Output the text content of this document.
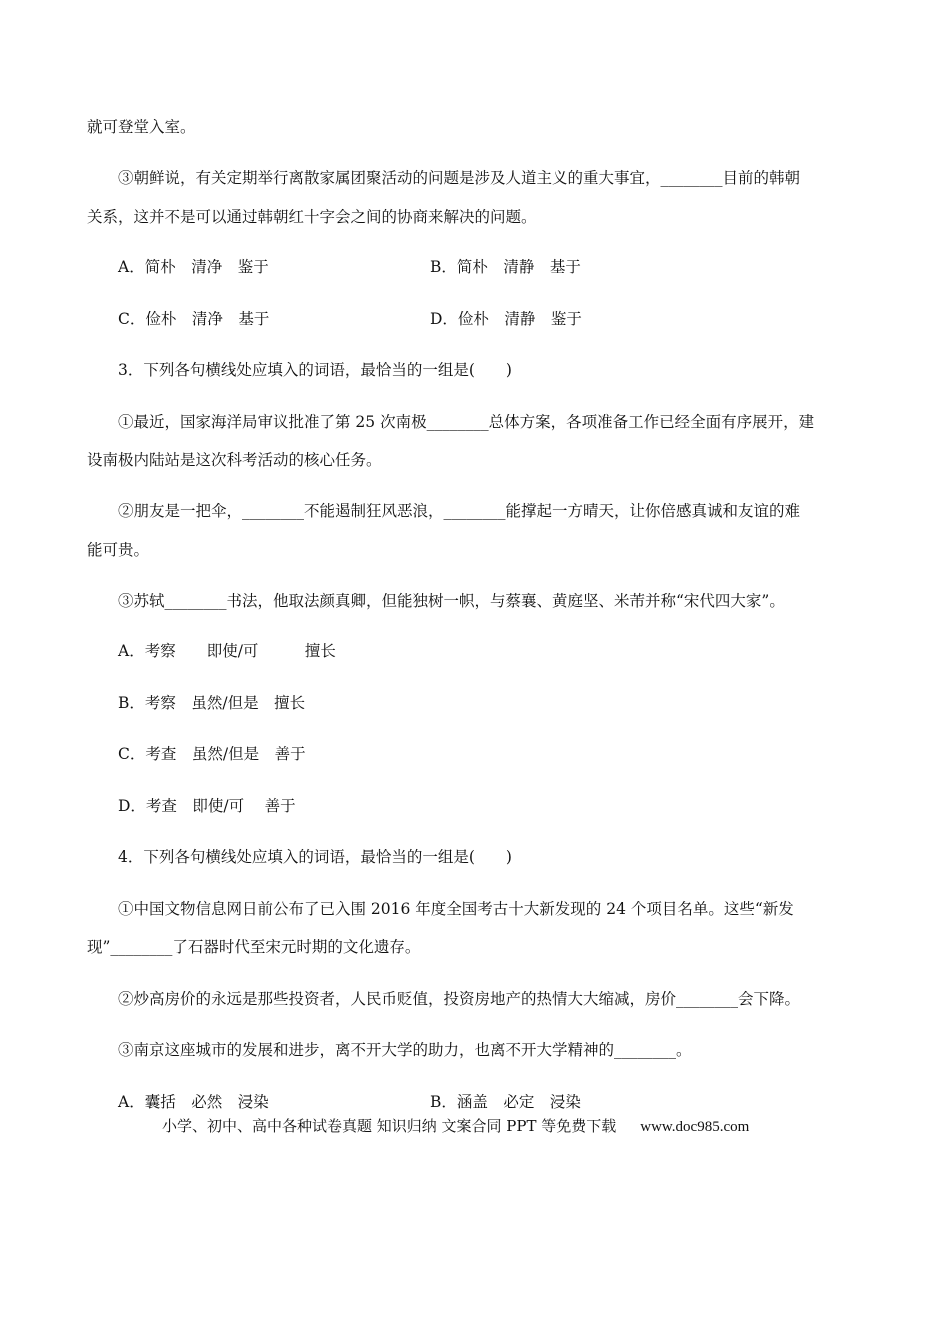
就可登堂入室。
③朝鲜说，有关定期举行离散家属团聚活动的问题是涉及人道主义的重大事宜，________目前的韩朝
关系，这并不是可以通过韩朝红十字会之间的协商来解决的问题。
A．简朴　清净　鉴于	B．简朴　清静　基于
C．俭朴　清净　基于	D．俭朴　清静　鉴于
3．下列各句横线处应填入的词语，最恰当的一组是(　　)
①最近，国家海洋局审议批准了第 25 次南极________总体方案，各项准备工作已经全面有序展开，建
设南极内陆站是这次科考活动的核心任务。
②朋友是一把伞，________不能遏制狂风恶浪，________能撑起一方晴天，让你倍感真诚和友谊的难
能可贵。
③苏轼________书法，他取法颜真卿，但能独树一帜，与蔡襄、黄庭坚、米芾并称“宋代四大家”。
A．考察　　即使/可　　　擅长
B．考察　虽然/但是　擅长
C．考查　虽然/但是　善于
D．考查　即使/可　 善于
4．下列各句横线处应填入的词语，最恰当的一组是(　　)
①中国文物信息网日前公布了已入围 2016 年度全国考古十大新发现的 24 个项目名单。这些“新发
现”________了石器时代至宋元时期的文化遗存。
②炒高房价的永远是那些投资者，人民币贬值，投资房地产的热情大大缩减，房价________会下降。
③南京这座城市的发展和进步，离不开大学的助力，也离不开大学精神的________。
A．囊括　必然　浸染	B．涵盖　必定　浸染
小学、初中、高中各种试卷真题 知识归纳 文案合同 PPT 等免费下载 www.doc985.com
